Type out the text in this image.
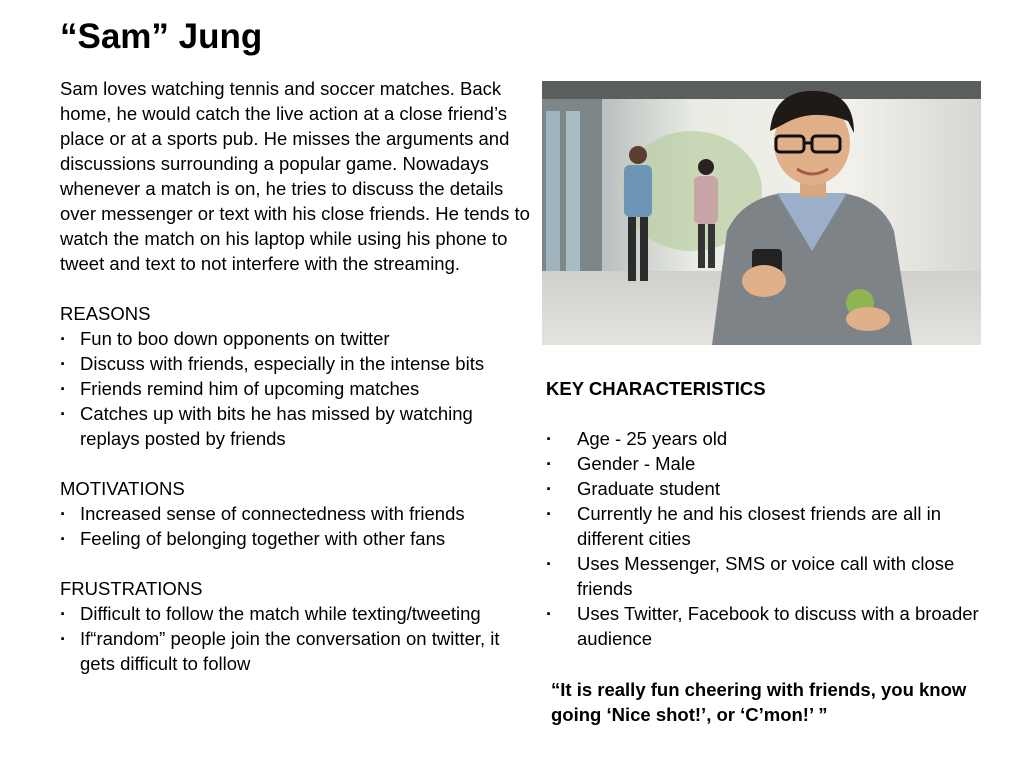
“Sam” Jung

Sam loves watching tennis and soccer matches. Back home, he would catch the live action at a close friend’s place or at a sports pub. He misses the arguments and discussions surrounding a popular game. Nowadays whenever a match is on, he tries to discuss the details over messenger or text with his close friends. He tends to watch the match on his laptop while using his phone to tweet and text to not interfere with the streaming.

REASONS
· Fun to boo down opponents on twitter
· Discuss with friends, especially in the intense bits
· Friends remind him of upcoming matches
· Catches up with bits he has missed by watching replays posted by friends
MOTIVATIONS
· Increased sense of connectedness with friends
· Feeling of belonging together with other fans
FRUSTRATIONS
· Difficult to follow the match while texting/tweeting
· If“random” people join the conversation on twitter, it gets difficult to follow
KEY CHARACTERISTICS
· Age - 25 years old
· Gender - Male
· Graduate student
· Currently he and his closest friends are all in different cities
· Uses Messenger, SMS or voice call with close friends
· Uses Twitter, Facebook to discuss with a broader audience

“It is really fun cheering with friends, you know going ‘Nice shot!’, or ‘C’mon!’ ”
